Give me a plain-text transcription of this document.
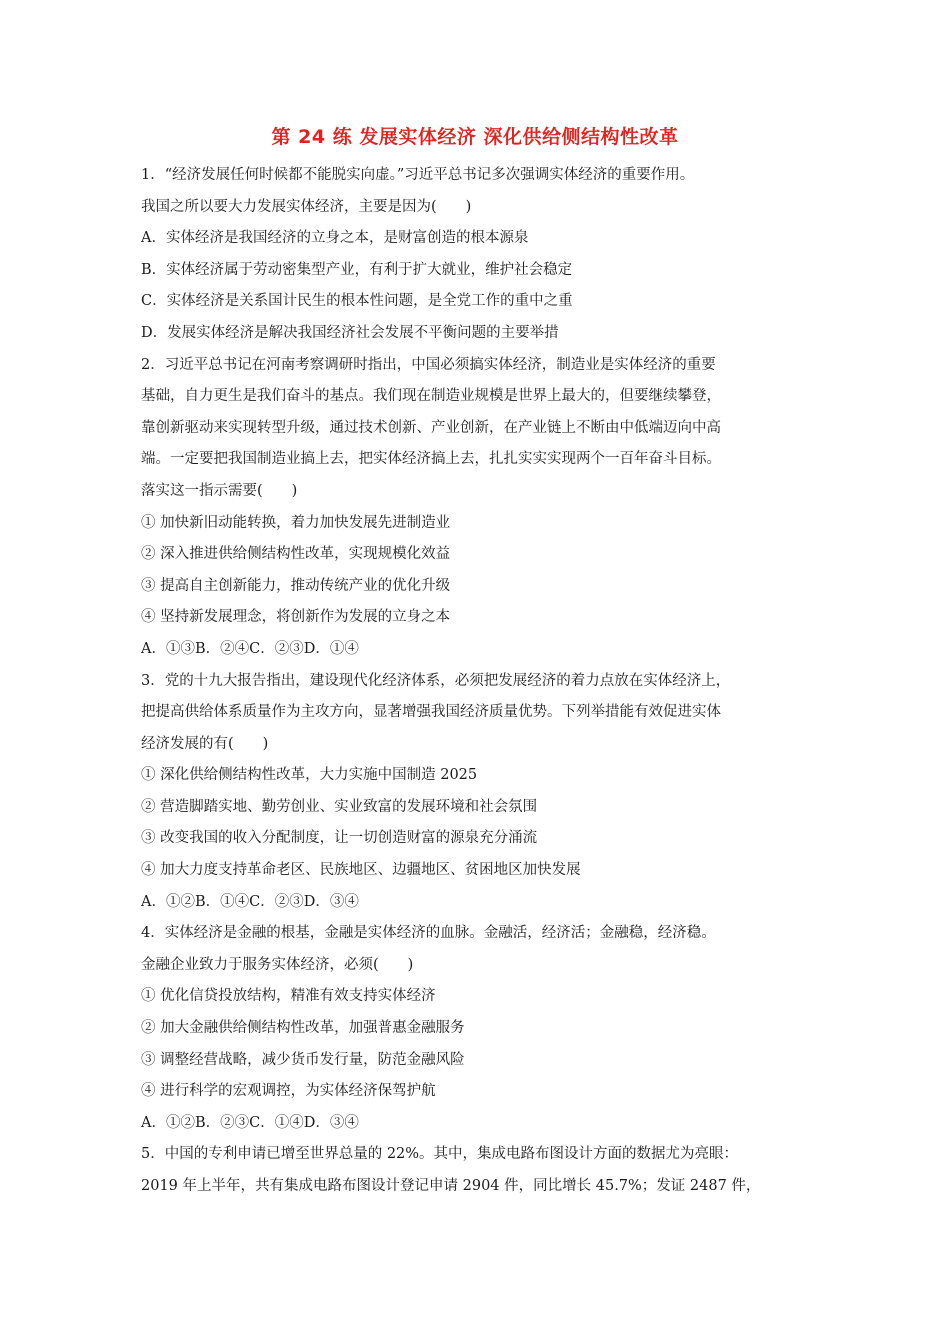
第 24 练 发展实体经济 深化供给侧结构性改革
1．“经济发展任何时候都不能脱实向虚。”习近平总书记多次强调实体经济的重要作用。
我国之所以要大力发展实体经济，主要是因为(　　)
A．实体经济是我国经济的立身之本，是财富创造的根本源泉
B．实体经济属于劳动密集型产业，有利于扩大就业，维护社会稳定
C．实体经济是关系国计民生的根本性问题，是全党工作的重中之重
D．发展实体经济是解决我国经济社会发展不平衡问题的主要举措
2．习近平总书记在河南考察调研时指出，中国必须搞实体经济，制造业是实体经济的重要
基础，自力更生是我们奋斗的基点。我们现在制造业规模是世界上最大的，但要继续攀登，
靠创新驱动来实现转型升级，通过技术创新、产业创新，在产业链上不断由中低端迈向中高
端。一定要把我国制造业搞上去，把实体经济搞上去，扎扎实实实现两个一百年奋斗目标。
落实这一指示需要(　　)
① 加快新旧动能转换，着力加快发展先进制造业
② 深入推进供给侧结构性改革，实现规模化效益
③ 提高自主创新能力，推动传统产业的优化升级
④ 坚持新发展理念，将创新作为发展的立身之本
A．①③B．②④C．②③D．①④
3．党的十九大报告指出，建设现代化经济体系，必须把发展经济的着力点放在实体经济上，
把提高供给体系质量作为主攻方向，显著增强我国经济质量优势。下列举措能有效促进实体
经济发展的有(　　)
① 深化供给侧结构性改革，大力实施中国制造 2025
② 营造脚踏实地、勤劳创业、实业致富的发展环境和社会氛围
③ 改变我国的收入分配制度，让一切创造财富的源泉充分涌流
④ 加大力度支持革命老区、民族地区、边疆地区、贫困地区加快发展
A．①②B．①④C．②③D．③④
4．实体经济是金融的根基，金融是实体经济的血脉。金融活，经济活；金融稳，经济稳。
金融企业致力于服务实体经济，必须(　　)
① 优化信贷投放结构，精准有效支持实体经济
② 加大金融供给侧结构性改革，加强普惠金融服务
③ 调整经营战略，减少货币发行量，防范金融风险
④ 进行科学的宏观调控，为实体经济保驾护航
A．①②B．②③C．①④D．③④
5．中国的专利申请已增至世界总量的 22%。其中，集成电路布图设计方面的数据尤为亮眼：
2019 年上半年，共有集成电路布图设计登记申请 2904 件，同比增长 45.7%；发证 2487 件，
